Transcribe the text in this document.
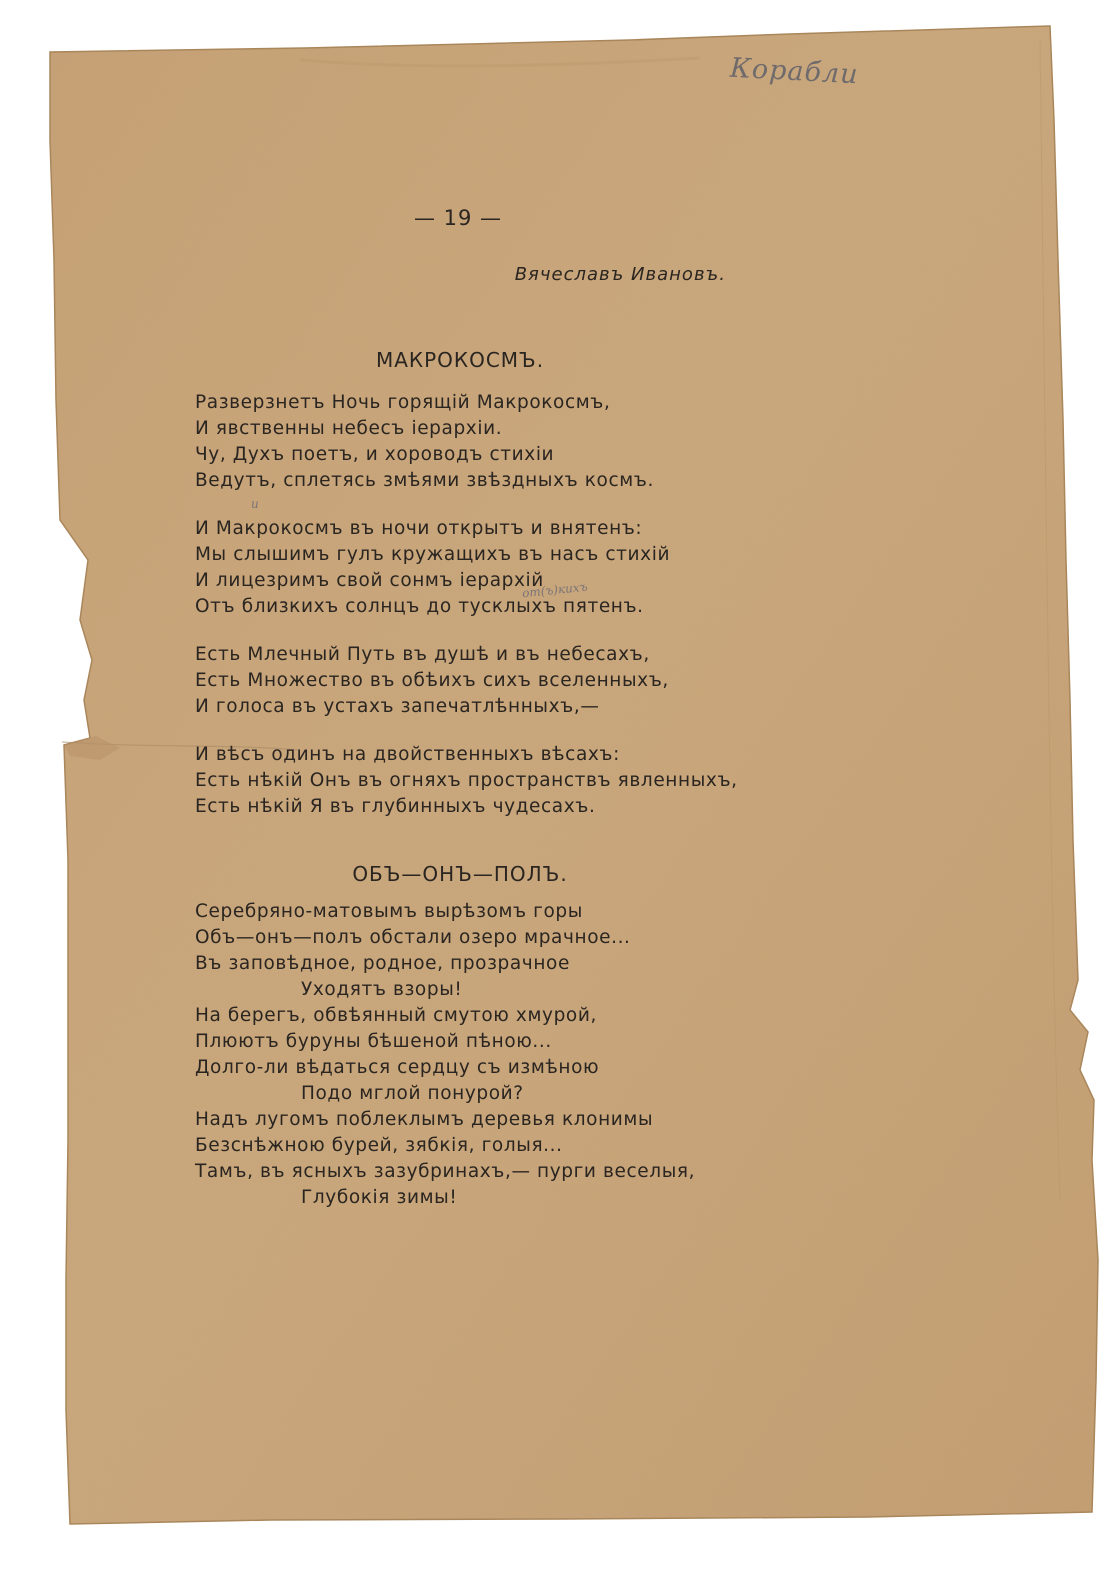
Корабли
— 19 —
Вячеславъ Ивановъ.
МАКРОКОСМЪ.
и
от(ъ)кихъ
Разверзнетъ Ночь горящій Макрокосмъ,
И явственны небесъ іерархіи.
Чу, Духъ поетъ, и хороводъ стихіи
Ведутъ, сплетясь змѣями звѣздныхъ космъ.
И Макрокосмъ въ ночи открытъ и внятенъ:
Мы слышимъ гулъ кружащихъ въ насъ стихій
И лицезримъ свой сонмъ іерархій
Отъ близкихъ солнцъ до тусклыхъ пятенъ.
Есть Млечный Путь въ душѣ и въ небесахъ,
Есть Множество въ обѣихъ сихъ вселенныхъ,
И голоса въ устахъ запечатлѣнныхъ,—
И вѣсъ одинъ на двойственныхъ вѣсахъ:
Есть нѣкій Онъ въ огняхъ пространствъ явленныхъ,
Есть нѣкій Я въ глубинныхъ чудесахъ.
ОБЪ—ОНЪ—ПОЛЪ.
Серебряно-матовымъ вырѣзомъ горы
Объ—онъ—полъ обстали озеро мрачное...
Въ заповѣдное, родное, прозрачное
Уходятъ взоры!
На берегъ, обвѣянный смутою хмурой,
Плюютъ буруны бѣшеной пѣною...
Долго-ли вѣдаться сердцу съ измѣною
Подо мглой понурой?
Надъ лугомъ поблеклымъ деревья клонимы
Безснѣжною бурей, зябкія, голыя...
Тамъ, въ ясныхъ зазубринахъ,— пурги веселыя,
Глубокія зимы!
